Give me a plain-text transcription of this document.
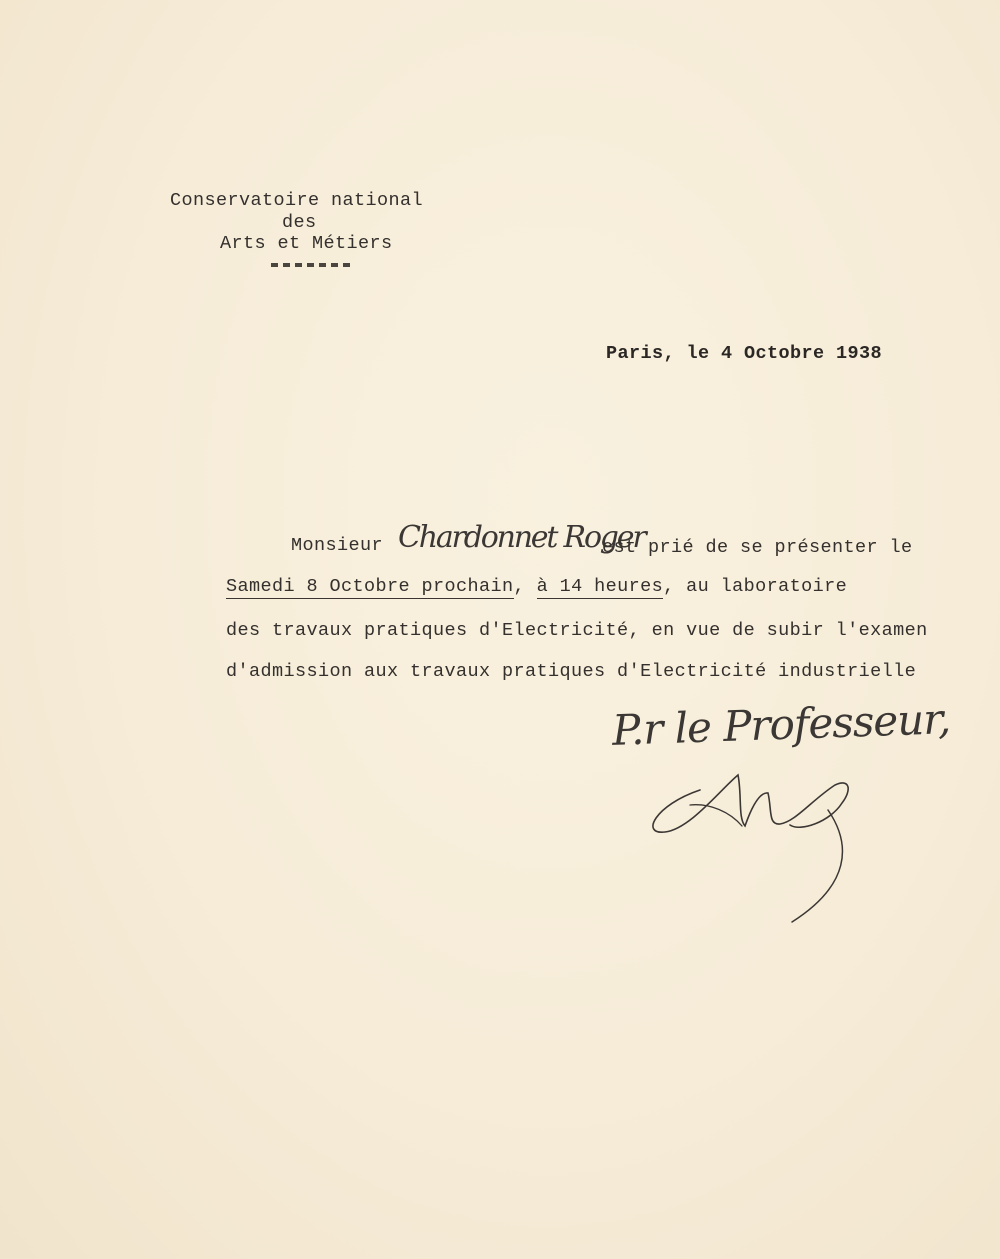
Conservatoire national
des
Arts et Métiers
Paris, le 4 Octobre 1938
Monsieur Chardonnet Roger
est prié de se présenter le
Samedi 8 Octobre prochain, à 14 heures, au laboratoire
des travaux pratiques d'Electricité, en vue de subir l'examen
d'admission aux travaux pratiques d'Electricité industrielle
P.r le Professeur,
